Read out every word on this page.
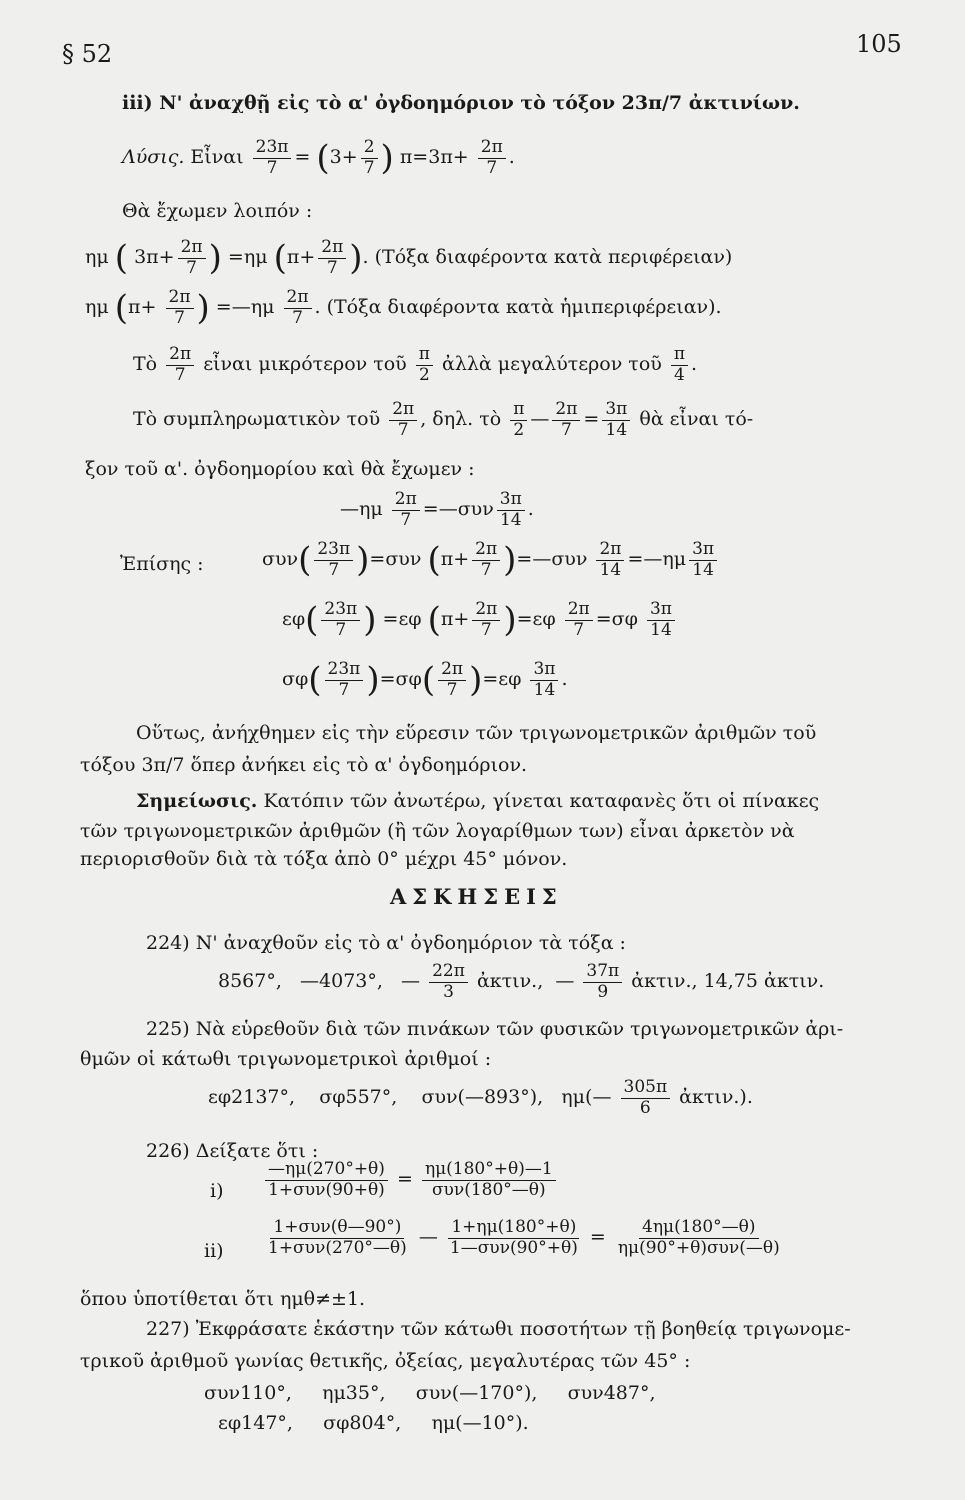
§ 52	105
iii) Ν' ἀναχθῇ εἰς τὸ α' ὀγδοημόριον τὸ τόξον 23π/7 ἀκτινίων.
Λύσις. Εἶναι $\frac{23\pi}{7} = (3+ \frac{2}{7}$ ) $\pi=3\pi+ \frac{2\pi}{7}$ .
Θὰ ἔχωμεν λοιπόν :
ημ ( $3\pi+ \frac{2\pi}{7}$ ) =ημ ($\pi+ \frac{2\pi}{7}$ ). (Τόξα διαφέροντα κατὰ περιφέρειαν)
ημ ($\pi+ \frac{2\pi}{7}$ ) =—ημ $\frac{2\pi}{7}$ . (Τόξα διαφέροντα κατὰ ἡμιπεριφέρειαν).
Τὸ $\frac{2\pi}{7}$ εἶναι μικρότερον τοῦ $\frac{\pi}{2}$ ἀλλὰ μεγαλύτερον τοῦ $\frac{\pi}{4}$ .
Τὸ συμπληρωματικὸν τοῦ $\frac{2\pi}{7}$ , δηλ. τὸ $\frac{\pi}{2}$ — $\frac{2\pi}{7} = \frac{3\pi}{14}$ θὰ εἶναι τό-
ξον τοῦ α'. ὀγδοημορίου καὶ θὰ ἔχωμεν :
—ημ $\frac{2\pi}{7}$ =—συν $\frac{3\pi}{14}$ .
Ἐπίσης :	$\sigma\upsilon\nu( \frac{23\pi}{7} )=\sigma\upsilon\nu$ ($\pi+ \frac{2\pi}{7}$ )=—συν $\frac{2\pi}{14}$ =—ημ $\frac{3\pi}{14}$
$\varepsilon\varphi( \frac{23\pi}{7}$ ) =εφ $(\pi+ \frac{2\pi}{7} )=\varepsilon\varphi \frac{2\pi}{7} =\sigma\varphi \frac{3\pi}{14}$
$\sigma\varphi( \frac{23\pi}{7} )=\sigma\varphi( \frac{2\pi}{7} )=\varepsilon\varphi \frac{3\pi}{14}$ .
Οὕτως, ἀνήχθημεν εἰς τὴν εὕρεσιν τῶν τριγωνομετρικῶν ἀριθμῶν τοῦ
τόξου 3π/7 ὅπερ ἀνήκει εἰς τὸ α' ὀγδοημόριον.
Σημείωσις. Κατόπιν τῶν ἀνωτέρω, γίνεται καταφανὲς ὅτι οἱ πίνακες
τῶν τριγωνομετρικῶν ἀριθμῶν (ἢ τῶν λογαρίθμων των) εἶναι ἀρκετὸν νὰ
περιορισθοῦν διὰ τὰ τόξα ἀπὸ 0° μέχρι 45° μόνον.
ΑΣΚΗΣΕΙΣ
224) Ν' ἀναχθοῦν εἰς τὸ α' ὀγδοημόριον τὰ τόξα :
8567°, —4073°,   — $\frac{22\pi}{3}$ ἀκτιν.,  — $\frac{37\pi}{9}$ ἀκτιν., 14,75 ἀκτιν.
225) Νὰ εὑρεθοῦν διὰ τῶν πινάκων τῶν φυσικῶν τριγωνομετρικῶν ἀρι-
θμῶν οἱ κάτωθι τριγωνομετρικοὶ ἀριθμοί :
εφ2137°, σφ557°, συν(—893°), ημ(— $\frac{305\pi}{6}$ ἀκτιν.).
226) Δείξατε ὅτι :
i)
—ημ(270°+θ)
1+συν(90+θ) = ημ(180°+θ)—1
συν(180°—θ)
ii)
1+συν(θ—90°)
1+συν(270°—θ) — 1+ημ(180°+θ)
1—συν(90°+θ) = 4ημ(180°—θ)
ημ(90°+θ)συν(—θ)
ὅπου ὑποτίθεται ὅτι ημθ≠±1.
227) Ἐκφράσατε ἑκάστην τῶν κάτωθι ποσοτήτων τῇ βοηθείᾳ τριγωνομε-
τρικοῦ ἀριθμοῦ γωνίας θετικῆς, ὀξείας, μεγαλυτέρας τῶν 45° :
συν110°, ημ35°, συν(—170°), συν487°,
εφ147°, σφ804°, ημ(—10°).
